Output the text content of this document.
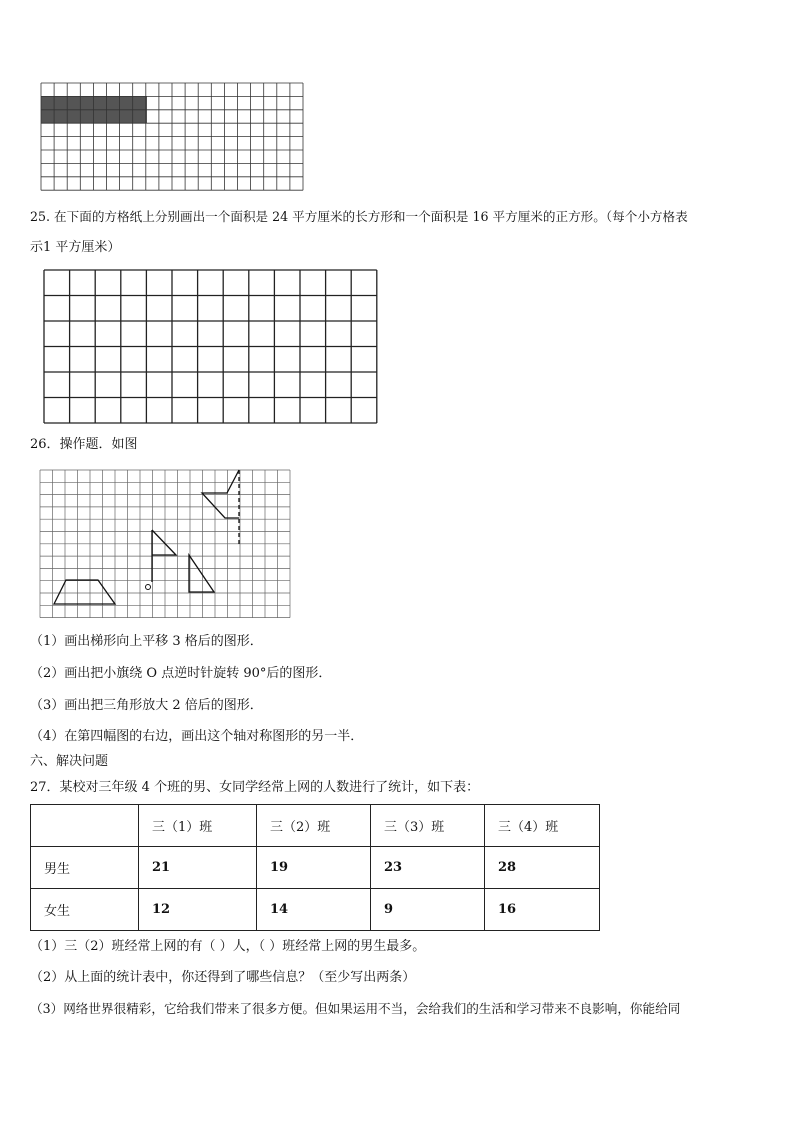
25. 在下面的方格纸上分别画出一个面积是 24 平方厘米的长方形和一个面积是 16 平方厘米的正方形。（每个小方格表
示1 平方厘米）
26．操作题．如图
（1）画出梯形向上平移 3 格后的图形．
（2）画出把小旗绕 O 点逆时针旋转 90°后的图形．
（3）画出把三角形放大 2 倍后的图形．
（4）在第四幅图的右边，画出这个轴对称图形的另一半．
六、解决问题
27．某校对三年级 4 个班的男、女同学经常上网的人数进行了统计，如下表：
	三（1）班	三（2）班	三（3）班	三（4）班
男生	21	19	23	28
女生	12	14	9	16
（1）三（2）班经常上网的有（ ）人，（ ）班经常上网的男生最多。
（2）从上面的统计表中，你还得到了哪些信息？（至少写出两条）
（3）网络世界很精彩，它给我们带来了很多方便。但如果运用不当，会给我们的生活和学习带来不良影响，你能给同
